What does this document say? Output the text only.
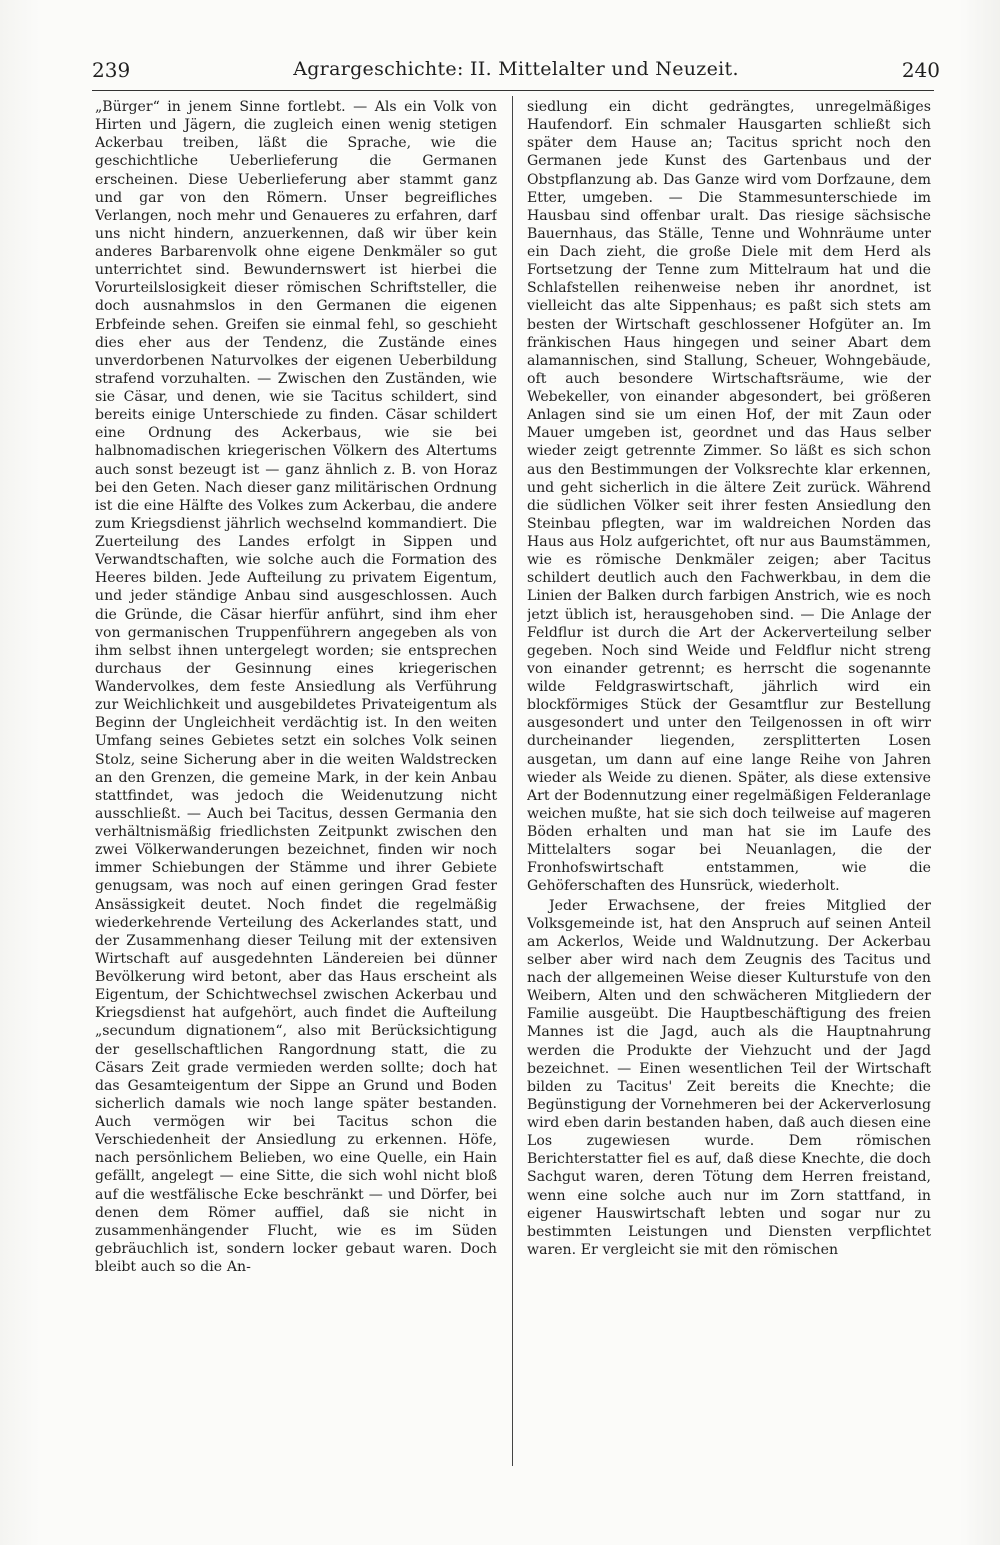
239	Agrargeschichte: II. Mittelalter und Neuzeit.	240

„Bürger“ in jenem Sinne fortlebt. — Als ein Volk von Hirten und Jägern, die zugleich einen wenig stetigen Ackerbau treiben, läßt die Sprache, wie die geschichtliche Ueberlieferung die Germanen erscheinen. Diese Ueberlieferung aber stammt ganz und gar von den Römern. Unser begreifliches Verlangen, noch mehr und Genaueres zu erfahren, darf uns nicht hindern, anzuerkennen, daß wir über kein anderes Barbarenvolk ohne eigene Denkmäler so gut unterrichtet sind. Bewundernswert ist hierbei die Vorurteilslosigkeit dieser römischen Schriftsteller, die doch ausnahmslos in den Germanen die eigenen Erbfeinde sehen. Greifen sie einmal fehl, so geschieht dies eher aus der Tendenz, die Zustände eines unverdorbenen Naturvolkes der eigenen Ueberbildung strafend vorzuhalten. — Zwischen den Zuständen, wie sie Cäsar, und denen, wie sie Tacitus schildert, sind bereits einige Unterschiede zu finden. Cäsar schildert eine Ordnung des Ackerbaus, wie sie bei halbnomadischen kriegerischen Völkern des Altertums auch sonst bezeugt ist — ganz ähnlich z. B. von Horaz bei den Geten. Nach dieser ganz militärischen Ordnung ist die eine Hälfte des Volkes zum Ackerbau, die andere zum Kriegsdienst jährlich wechselnd kommandiert. Die Zuerteilung des Landes erfolgt in Sippen und Verwandtschaften, wie solche auch die Formation des Heeres bilden. Jede Aufteilung zu privatem Eigentum, und jeder ständige Anbau sind ausgeschlossen. Auch die Gründe, die Cäsar hierfür anführt, sind ihm eher von germanischen Truppenführern angegeben als von ihm selbst ihnen untergelegt worden; sie entsprechen durchaus der Gesinnung eines kriegerischen Wandervolkes, dem feste Ansiedlung als Verführung zur Weichlichkeit und ausgebildetes Privateigentum als Beginn der Ungleichheit verdächtig ist. In den weiten Umfang seines Gebietes setzt ein solches Volk seinen Stolz, seine Sicherung aber in die weiten Waldstrecken an den Grenzen, die gemeine Mark, in der kein Anbau stattfindet, was jedoch die Weidenutzung nicht ausschließt. — Auch bei Tacitus, dessen Germania den verhältnismäßig friedlichsten Zeitpunkt zwischen den zwei Völkerwanderungen bezeichnet, finden wir noch immer Schiebungen der Stämme und ihrer Gebiete genugsam, was noch auf einen geringen Grad fester Ansässigkeit deutet. Noch findet die regelmäßig wiederkehrende Verteilung des Ackerlandes statt, und der Zusammenhang dieser Teilung mit der extensiven Wirtschaft auf ausgedehnten Ländereien bei dünner Bevölkerung wird betont, aber das Haus erscheint als Eigentum, der Schichtwechsel zwischen Ackerbau und Kriegsdienst hat aufgehört, auch findet die Aufteilung „secundum dignationem“, also mit Berücksichtigung der gesellschaftlichen Rangordnung statt, die zu Cäsars Zeit grade vermieden werden sollte; doch hat das Gesamteigentum der Sippe an Grund und Boden sicherlich damals wie noch lange später bestanden. Auch vermögen wir bei Tacitus schon die Verschiedenheit der Ansiedlung zu erkennen. Höfe, nach persönlichem Belieben, wo eine Quelle, ein Hain gefällt, angelegt — eine Sitte, die sich wohl nicht bloß auf die westfälische Ecke beschränkt — und Dörfer, bei denen dem Römer auffiel, daß sie nicht in zusammenhängender Flucht, wie es im Süden gebräuchlich ist, sondern locker gebaut waren. Doch bleibt auch so die An-

siedlung ein dicht gedrängtes, unregelmäßiges Haufendorf. Ein schmaler Hausgarten schließt sich später dem Hause an; Tacitus spricht noch den Germanen jede Kunst des Gartenbaus und der Obstpflanzung ab. Das Ganze wird vom Dorfzaune, dem Etter, umgeben. — Die Stammesunterschiede im Hausbau sind offenbar uralt. Das riesige sächsische Bauernhaus, das Ställe, Tenne und Wohnräume unter ein Dach zieht, die große Diele mit dem Herd als Fortsetzung der Tenne zum Mittelraum hat und die Schlafstellen reihenweise neben ihr anordnet, ist vielleicht das alte Sippenhaus; es paßt sich stets am besten der Wirtschaft geschlossener Hofgüter an. Im fränkischen Haus hingegen und seiner Abart dem alamannischen, sind Stallung, Scheuer, Wohngebäude, oft auch besondere Wirtschaftsräume, wie der Webekeller, von einander abgesondert, bei größeren Anlagen sind sie um einen Hof, der mit Zaun oder Mauer umgeben ist, geordnet und das Haus selber wieder zeigt getrennte Zimmer. So läßt es sich schon aus den Bestimmungen der Volksrechte klar erkennen, und geht sicherlich in die ältere Zeit zurück. Während die südlichen Völker seit ihrer festen Ansiedlung den Steinbau pflegten, war im waldreichen Norden das Haus aus Holz aufgerichtet, oft nur aus Baumstämmen, wie es römische Denkmäler zeigen; aber Tacitus schildert deutlich auch den Fachwerkbau, in dem die Linien der Balken durch farbigen Anstrich, wie es noch jetzt üblich ist, herausgehoben sind. — Die Anlage der Feldflur ist durch die Art der Ackerverteilung selber gegeben. Noch sind Weide und Feldflur nicht streng von einander getrennt; es herrscht die sogenannte wilde Feldgraswirtschaft, jährlich wird ein blockförmiges Stück der Gesamtflur zur Bestellung ausgesondert und unter den Teilgenossen in oft wirr durcheinander liegenden, zersplitterten Losen ausgetan, um dann auf eine lange Reihe von Jahren wieder als Weide zu dienen. Später, als diese extensive Art der Bodennutzung einer regelmäßigen Felderanlage weichen mußte, hat sie sich doch teilweise auf mageren Böden erhalten und man hat sie im Laufe des Mittelalters sogar bei Neuanlagen, die der Fronhofswirtschaft entstammen, wie die Gehöferschaften des Hunsrück, wiederholt.

Jeder Erwachsene, der freies Mitglied der Volksgemeinde ist, hat den Anspruch auf seinen Anteil am Ackerlos, Weide und Waldnutzung. Der Ackerbau selber aber wird nach dem Zeugnis des Tacitus und nach der allgemeinen Weise dieser Kulturstufe von den Weibern, Alten und den schwächeren Mitgliedern der Familie ausgeübt. Die Hauptbeschäftigung des freien Mannes ist die Jagd, auch als die Hauptnahrung werden die Produkte der Viehzucht und der Jagd bezeichnet. — Einen wesentlichen Teil der Wirtschaft bilden zu Tacitus' Zeit bereits die Knechte; die Begünstigung der Vornehmeren bei der Ackerverlosung wird eben darin bestanden haben, daß auch diesen eine Los zugewiesen wurde. Dem römischen Berichterstatter fiel es auf, daß diese Knechte, die doch Sachgut waren, deren Tötung dem Herren freistand, wenn eine solche auch nur im Zorn stattfand, in eigener Hauswirtschaft lebten und sogar nur zu bestimmten Leistungen und Diensten verpflichtet waren. Er vergleicht sie mit den römischen
